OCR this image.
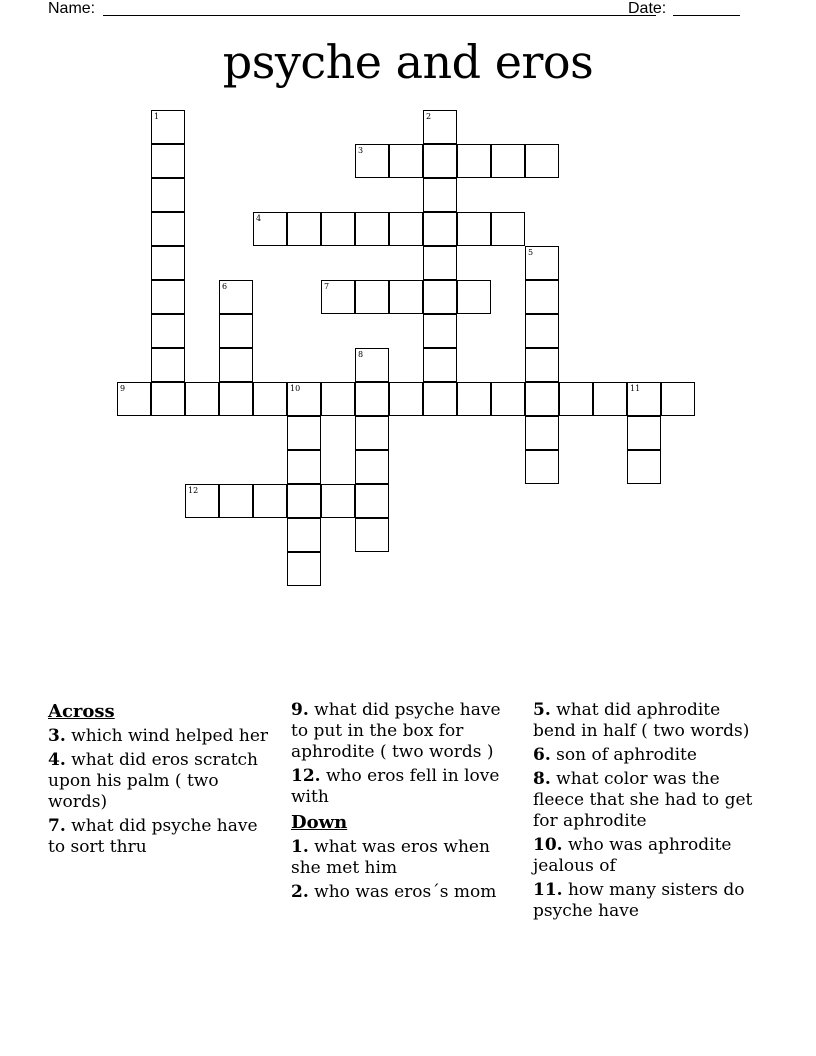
Name:	Date:
psyche and eros
1	2
3
4
5
6	7
8
9	10	11
12
Across
3. which wind helped her
4. what did eros scratch upon his palm ( two words)
7. what did psyche have to sort thru
9. what did psyche have to put in the box for aphrodite ( two words )
12. who eros fell in love with
Down
1. what was eros when she met him
2. who was eros´s mom
5. what did aphrodite bend in half ( two words)
6. son of aphrodite
8. what color was the fleece that she had to get for aphrodite
10. who was aphrodite jealous of
11. how many sisters do psyche have
